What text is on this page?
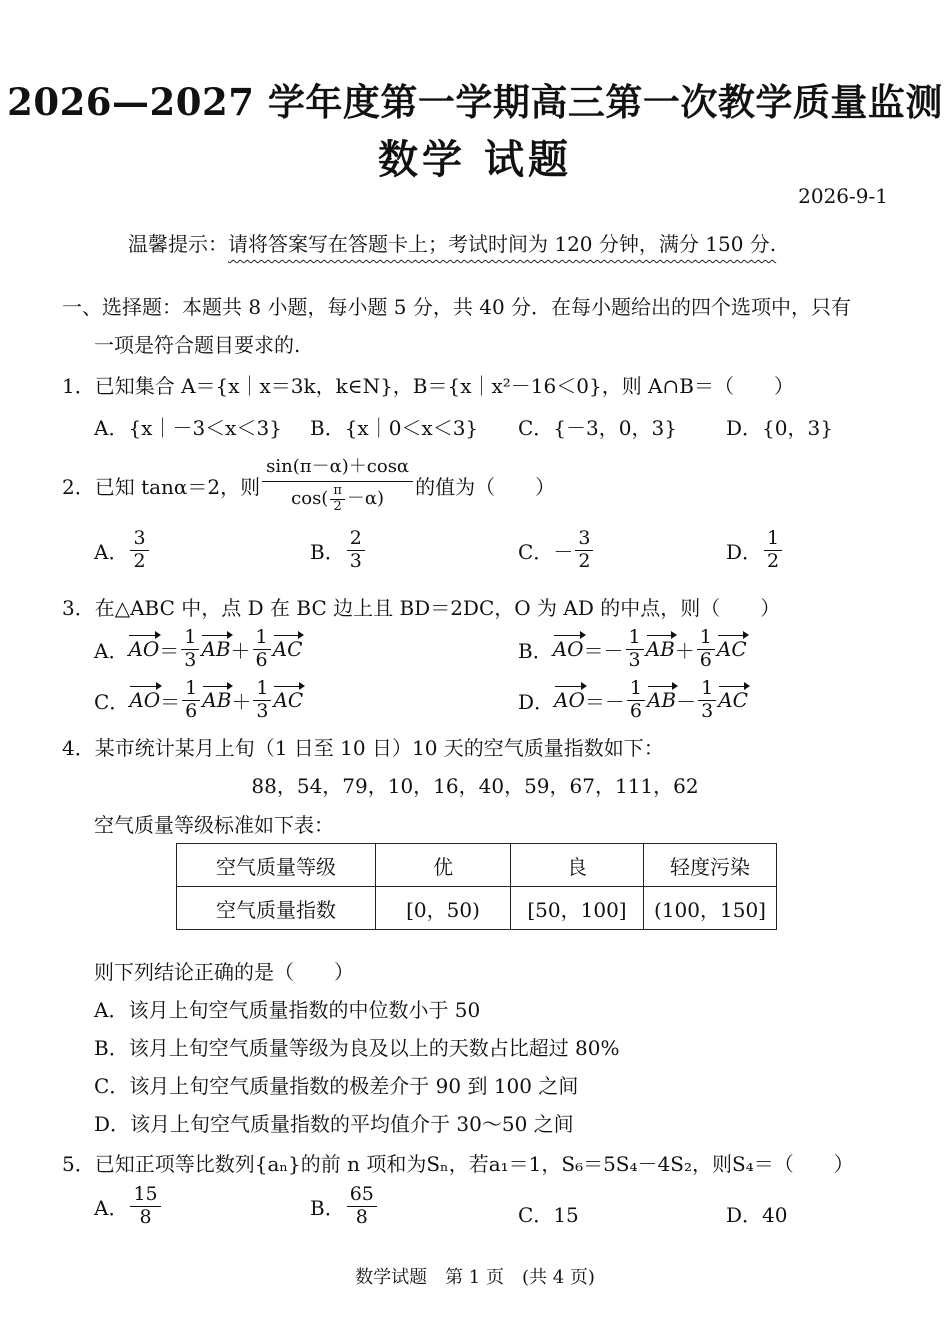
2026—2027 学年度第一学期高三第一次教学质量监测
数学 试题
2026-9-1
温馨提示：请将答案写在答题卡上；考试时间为 120 分钟，满分 150 分.
一、选择题：本题共 8 小题，每小题 5 分，共 40 分．在每小题给出的四个选项中，只有
一项是符合题目要求的.
1．已知集合 A＝{x｜x＝3k，k∈N}，B＝{x｜x²－16＜0}，则 A∩B＝（　　）
A．{x｜－3＜x＜3} B．{x｜0＜x＜3} C．{－3，0，3} D．{0，3}
2．已知 tanα＝2，则 $\frac{\sin(\pi-\alpha)+\cos\alpha}{\cos( \frac{\pi}{2} -\alpha)}$ 的值为（　　）
A． $\frac{3}{2}$	B． $\frac{2}{3}$	C． － $\frac{3}{2}$	D． $\frac{1}{2}$
3．在△ABC 中，点 D 在 BC 边上且 BD＝2DC，O 为 AD 的中点，则（　　）
A． AO ＝ $\frac{1}{3}$ AB ＋ $\frac{1}{6}$ AC	B． AO ＝ － $\frac{1}{3}$ AB ＋ $\frac{1}{6}$ AC
C． AO ＝ $\frac{1}{6}$ AB ＋ $\frac{1}{3}$ AC	D． AO ＝ － $\frac{1}{6}$ AB － $\frac{1}{3}$ AC
4．某市统计某月上旬（1 日至 10 日）10 天的空气质量指数如下：
88，54，79，10，16，40，59，67，111，62
空气质量等级标准如下表：
空气质量等级	优	良	轻度污染
空气质量指数	[0，50)	[50，100]	(100，150]
则下列结论正确的是（　　）
A．该月上旬空气质量指数的中位数小于 50
B．该月上旬空气质量等级为良及以上的天数占比超过 80%
C．该月上旬空气质量指数的极差介于 90 到 100 之间
D．该月上旬空气质量指数的平均值介于 30～50 之间
5．已知正项等比数列{aₙ}的前 n 项和为Sₙ，若a₁＝1，S₆＝5S₄－4S₂，则S₄＝（　　）
A． $\frac{15}{8}$	B． $\frac{65}{8}$	C．15	D．40
数学试题　第 1 页　(共 4 页)
